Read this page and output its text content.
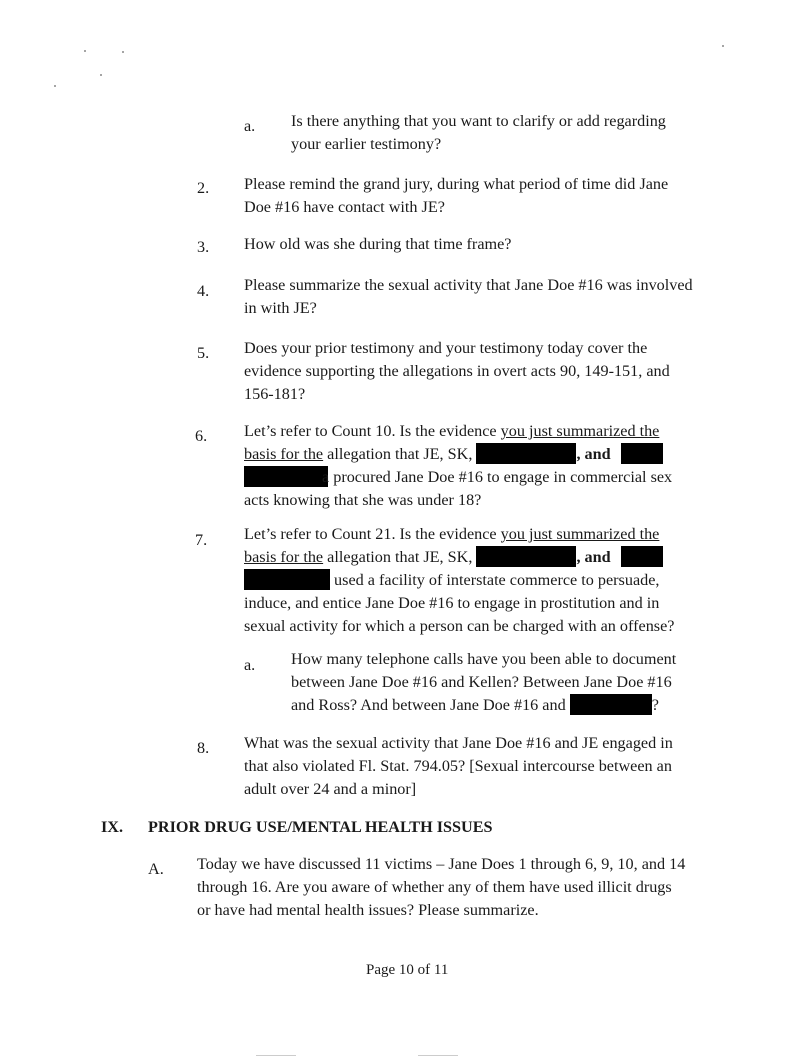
a. Is there anything that you want to clarify or add regarding
your earlier testimony?
2. Please remind the grand jury, during what period of time did Jane
Doe #16 have contact with JE?
3. How old was she during that time frame?
4. Please summarize the sexual activity that Jane Doe #16 was involved
in with JE?
5. Does your prior testimony and your testimony today cover the
evidence supporting the allegations in overt acts 90, 149-151, and
156-181?
6. Let’s refer to Count 10. Is the evidence you just summarized the
basis for the allegation that JE, SK,	, and
a procured Jane Doe #16 to engage in commercial sex
acts knowing that she was under 18?
7. Let’s refer to Count 21. Is the evidence you just summarized the
basis for the allegation that JE, SK,	, and
used a facility of interstate commerce to persuade,
induce, and entice Jane Doe #16 to engage in prostitution and in
sexual activity for which a person can be charged with an offense?
a. How many telephone calls have you been able to document
between Jane Doe #16 and Kellen? Between Jane Doe #16
and Ross? And between Jane Doe #16 and	?
8. What was the sexual activity that Jane Doe #16 and JE engaged in
that also violated Fl. Stat. 794.05? [Sexual intercourse between an
adult over 24 and a minor]
IX. PRIOR DRUG USE/MENTAL HEALTH ISSUES
A. Today we have discussed 11 victims – Jane Does 1 through 6, 9, 10, and 14
through 16. Are you aware of whether any of them have used illicit drugs
or have had mental health issues? Please summarize.
Page 10 of 11
